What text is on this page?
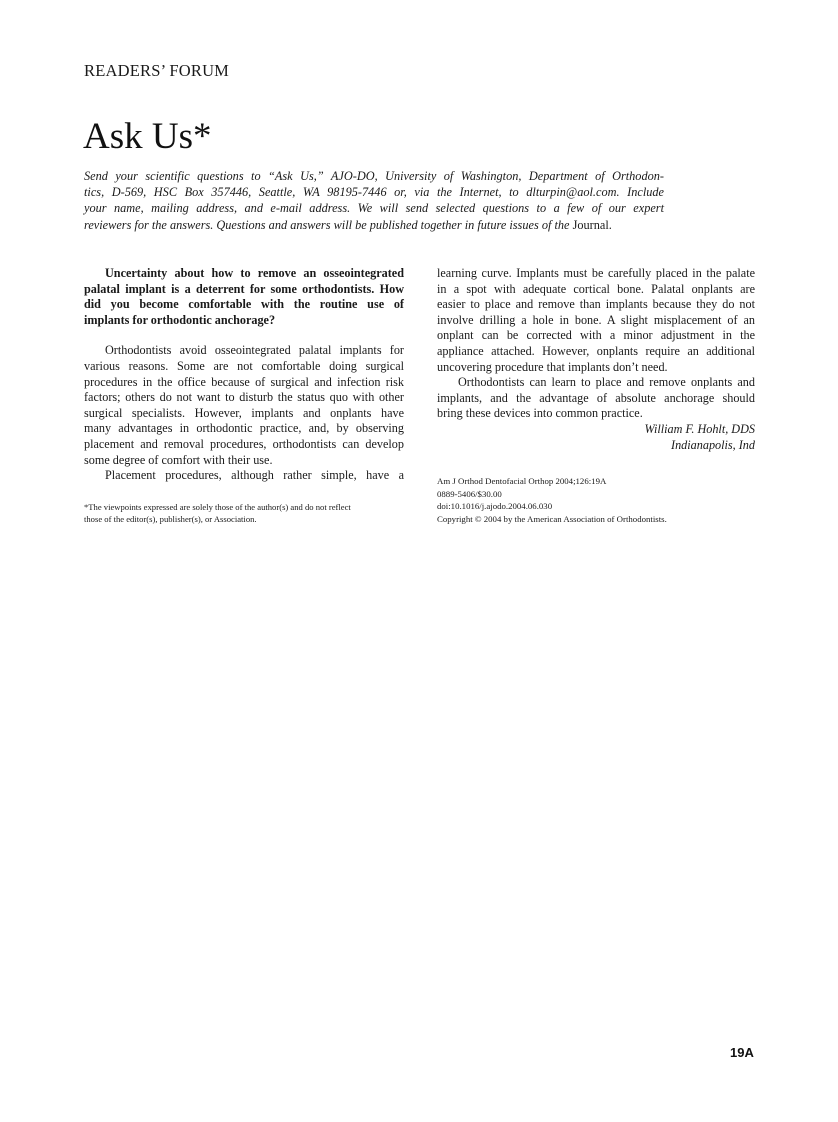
READERS’ FORUM
Ask Us*
Send your scientific questions to “Ask Us,” AJO-DO, University of Washington, Department of Orthodon-
tics, D-569, HSC Box 357446, Seattle, WA 98195-7446 or, via the Internet, to dlturpin@aol.com. Include
your name, mailing address, and e-mail address. We will send selected questions to a few of our expert
reviewers for the answers. Questions and answers will be published together in future issues of the Journal.
Uncertainty about how to remove an osseointegrated
palatal implant is a deterrent for some orthodontists. How
did you become comfortable with the routine use of
implants for orthodontic anchorage?
Orthodontists avoid osseointegrated palatal implants for
various reasons. Some are not comfortable doing surgical
procedures in the office because of surgical and infection risk
factors; others do not want to disturb the status quo with other
surgical specialists. However, implants and onplants have
many advantages in orthodontic practice, and, by observing
placement and removal procedures, orthodontists can develop
some degree of comfort with their use.
Placement procedures, although rather simple, have a
*The viewpoints expressed are solely those of the author(s) and do not reflect
those of the editor(s), publisher(s), or Association.
learning curve. Implants must be carefully placed in the palate
in a spot with adequate cortical bone. Palatal onplants are
easier to place and remove than implants because they do not
involve drilling a hole in bone. A slight misplacement of an
onplant can be corrected with a minor adjustment in the
appliance attached. However, onplants require an additional
uncovering procedure that implants don’t need.
Orthodontists can learn to place and remove onplants and
implants, and the advantage of absolute anchorage should
bring these devices into common practice.
William F. Hohlt, DDS
Indianapolis, Ind
Am J Orthod Dentofacial Orthop 2004;126:19A
0889-5406/$30.00
doi:10.1016/j.ajodo.2004.06.030
Copyright © 2004 by the American Association of Orthodontists.
19A
